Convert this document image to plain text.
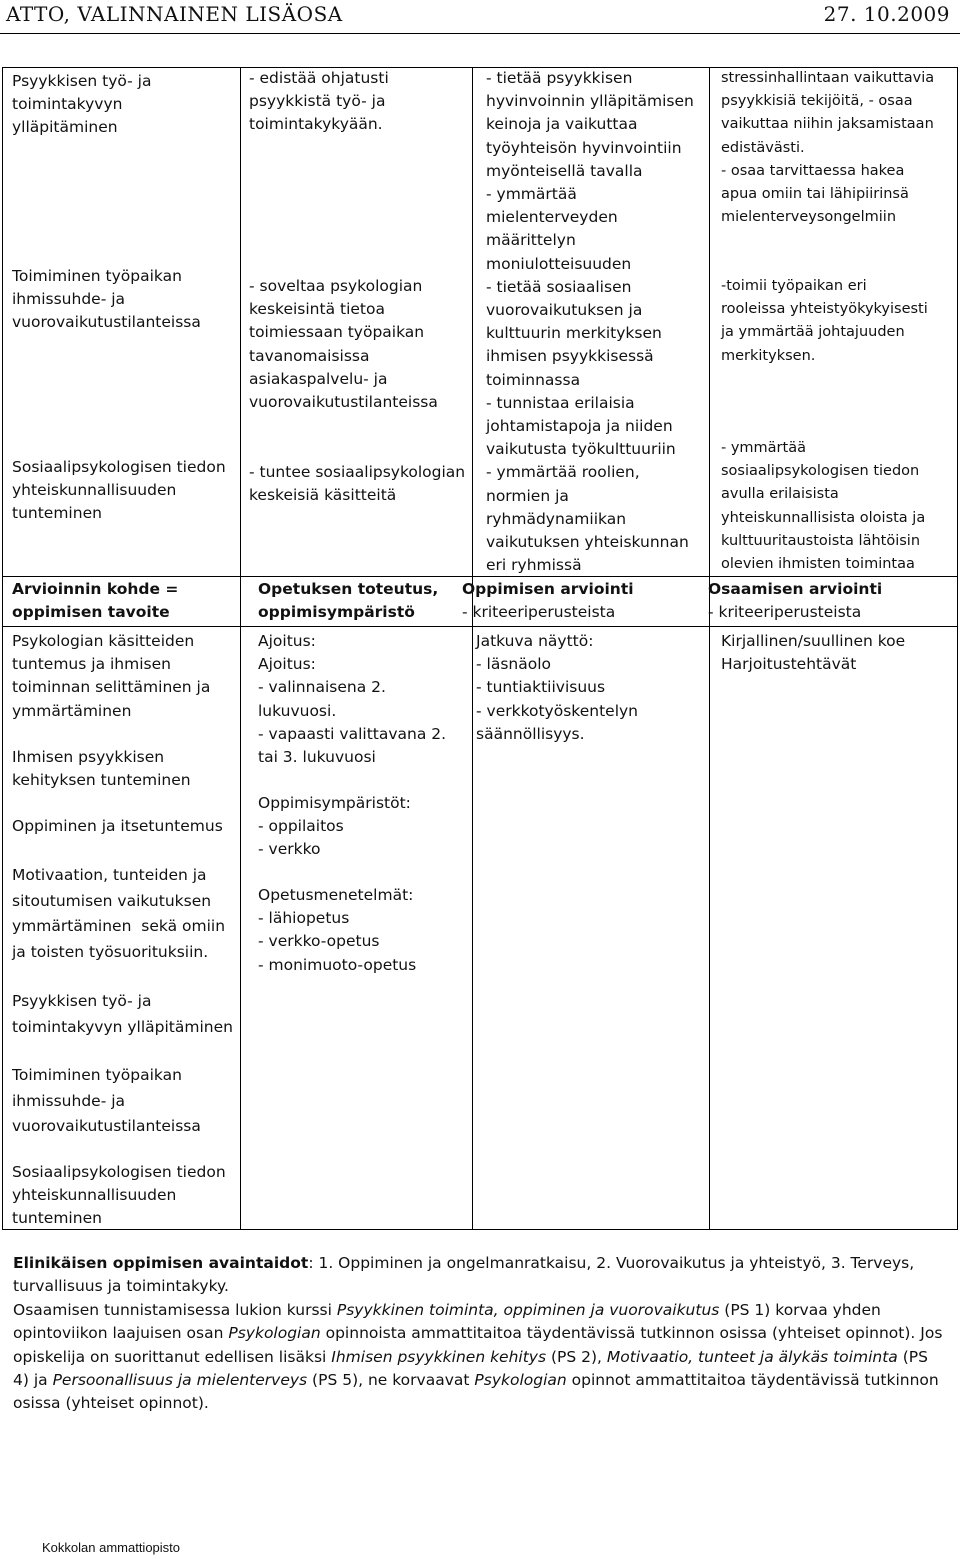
ATTO, VALINNAINEN LISÄOSA	27. 10.2009
Psyykkisen työ- ja
toimintakyvyn
ylläpitäminen
Toimiminen työpaikan
ihmissuhde- ja
vuorovaikutustilanteissa
Sosiaalipsykologisen tiedon
yhteiskunnallisuuden
tunteminen
Arvioinnin kohde =
oppimisen tavoite
Psykologian käsitteiden
tuntemus ja ihmisen
toiminnan selittäminen ja
ymmärtäminen
Ihmisen psyykkisen
kehityksen tunteminen
Oppiminen ja itsetuntemus
Motivaation, tunteiden ja
sitoutumisen vaikutuksen
ymmärtäminen  sekä omiin
ja toisten työsuorituksiin.
Psyykkisen työ- ja
toimintakyvyn ylläpitäminen
Toimiminen työpaikan
ihmissuhde- ja
vuorovaikutustilanteissa
Sosiaalipsykologisen tiedon
yhteiskunnallisuuden
tunteminen
- edistää ohjatusti
psyykkistä työ- ja
toimintakykyään.
- soveltaa psykologian
keskeisintä tietoa
toimiessaan työpaikan
tavanomaisissa
asiakaspalvelu- ja
vuorovaikutustilanteissa
- tuntee sosiaalipsykologian
keskeisiä käsitteitä
Opetuksen toteutus,
oppimisympäristö
Ajoitus:
Ajoitus:
- valinnaisena 2.
lukuvuosi.
- vapaasti valittavana 2.
tai 3. lukuvuosi
Oppimisympäristöt:
- oppilaitos
- verkko
Opetusmenetelmät:
- lähiopetus
- verkko-opetus
- monimuoto-opetus
- tietää psyykkisen
hyvinvoinnin ylläpitämisen
keinoja ja vaikuttaa
työyhteisön hyvinvointiin
myönteisellä tavalla
- ymmärtää
mielenterveyden
määrittelyn
moniulotteisuuden
- tietää sosiaalisen
vuorovaikutuksen ja
kulttuurin merkityksen
ihmisen psyykkisessä
toiminnassa
- tunnistaa erilaisia
johtamistapoja ja niiden
vaikutusta työkulttuuriin
- ymmärtää roolien,
normien ja
ryhmädynamiikan
vaikutuksen yhteiskunnan
eri ryhmissä
Oppimisen arviointi
- kriteeriperusteista
Jatkuva näyttö:
- läsnäolo
- tuntiaktiivisuus
- verkkotyöskentelyn
säännöllisyys.
stressinhallintaan vaikuttavia
psyykkisiä tekijöitä, - osaa
vaikuttaa niihin jaksamistaan
edistävästi.
- osaa tarvittaessa hakea
apua omiin tai lähipiirinsä
mielenterveysongelmiin
-toimii työpaikan eri
rooleissa yhteistyökykyisesti
ja ymmärtää johtajuuden
merkityksen.
- ymmärtää
sosiaalipsykologisen tiedon
avulla erilaisista
yhteiskunnallisista oloista ja
kulttuuritaustoista lähtöisin
olevien ihmisten toimintaa
Osaamisen arviointi
- kriteeriperusteista
Kirjallinen/suullinen koe
Harjoitustehtävät

Elinikäisen oppimisen avaintaidot: 1. Oppiminen ja ongelmanratkaisu, 2. Vuorovaikutus ja yhteistyö, 3. Terveys, turvallisuus ja toimintakyky.

Osaamisen tunnistamisessa lukion kurssi Psyykkinen toiminta, oppiminen ja vuorovaikutus (PS 1) korvaa yhden opintoviikon laajuisen osan Psykologian opinnoista ammattitaitoa täydentävissä tutkinnon osissa (yhteiset opinnot). Jos opiskelija on suorittanut edellisen lisäksi Ihmisen psyykkinen kehitys (PS 2), Motivaatio, tunteet ja älykäs toiminta (PS 4) ja Persoonallisuus ja mielenterveys (PS 5), ne korvaavat Psykologian opinnot ammattitaitoa täydentävissä tutkinnon osissa (yhteiset opinnot).

Kokkolan ammattiopisto
